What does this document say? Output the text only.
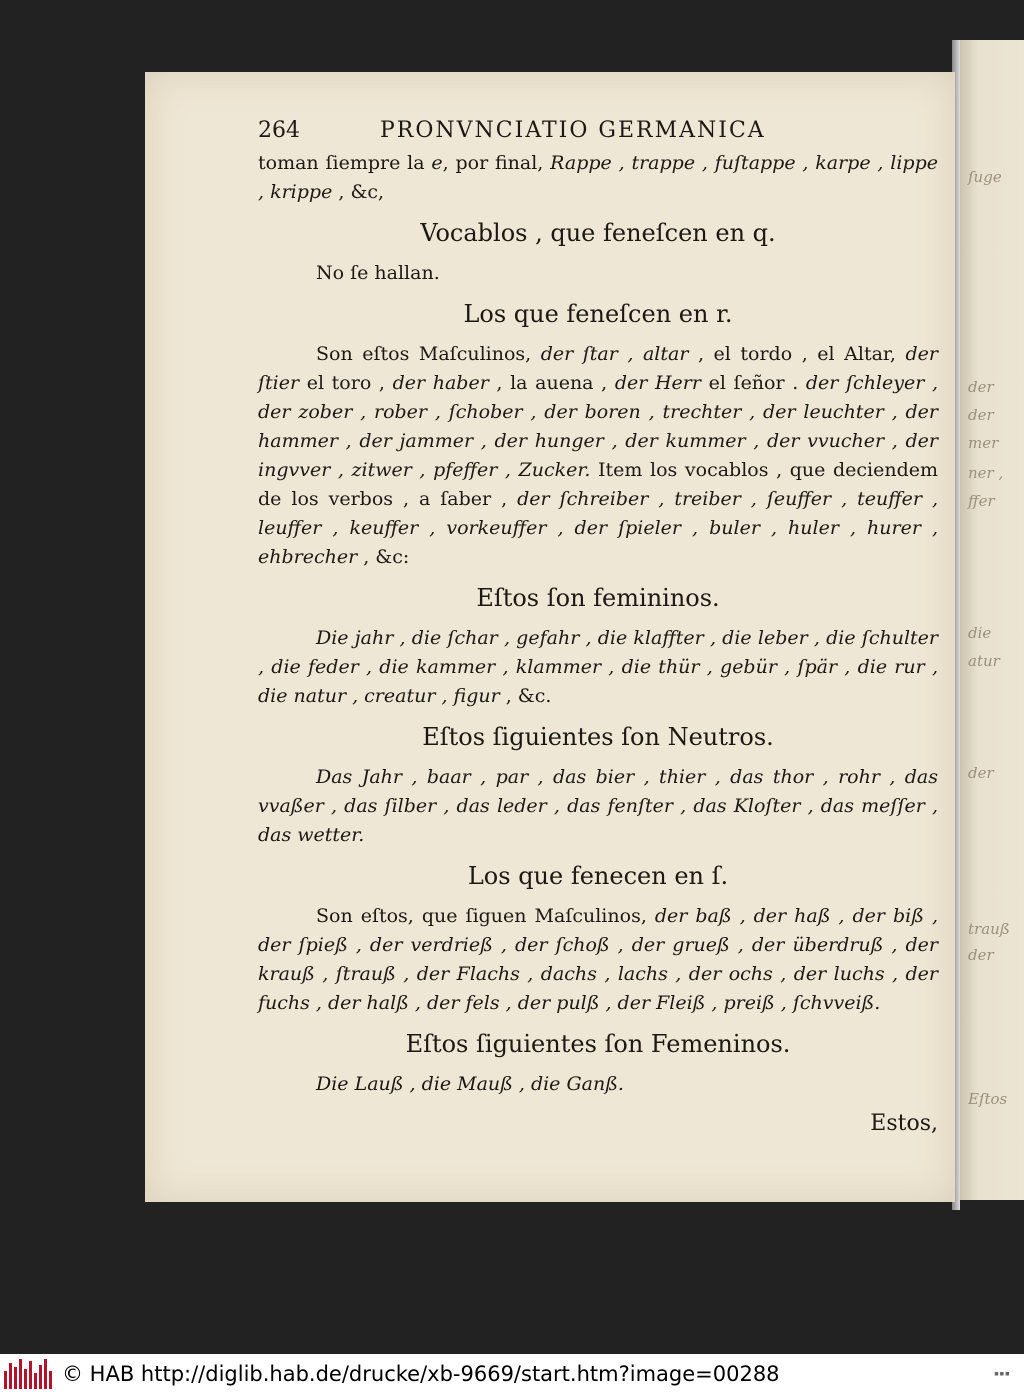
ſuge
der
der
mer
ner ,
ffer
die
atur
der
trauß
der
Eſtos
264	PRONVNCIATIO GERMANICA

toman ſiempre la e, por final, Rappe , trappe , fuſtappe , karpe , lippe , krippe , &c,

Vocablos , que feneſcen en q.

No ſe hallan.

Los que feneſcen en r.

Son eſtos Maſculinos, der ſtar , altar , el tordo , el Altar, der ſtier el toro , der haber , la auena , der Herr el ſeñor . der ſchleyer , der zober , rober , ſchober , der boren , trechter , der leuchter , der hammer , der jammer , der hunger , der kummer , der vvucher , der ingvver , zitwer , pfeffer , Zucker. Item los vocablos , que deciendem de los verbos , a ſaber , der ſchreiber , treiber , ſeuffer , teuffer , leuffer , keuffer , vorkeuffer , der ſpieler , buler , huler , hurer , ehbrecher , &c:

Eſtos ſon femininos.

Die jahr , die ſchar , gefahr , die klaffter , die leber , die ſchulter , die feder , die kammer , klammer , die thür , gebür , ſpär , die rur , die natur , creatur , figur , &c.

Eſtos ſiguientes ſon Neutros.

Das Jahr , baar , par , das bier , thier , das thor , rohr , das vvaßer , das ſilber , das leder , das fenſter , das Kloſter , das meſſer , das wetter.

Los que fenecen en ſ.

Son eſtos, que ſiguen Maſculinos, der baß , der haß , der biß , der ſpieß , der verdrieß , der ſchoß , der grueß , der überdruß , der krauß , ſtrauß , der Flachs , dachs , lachs , der ochs , der luchs , der fuchs , der halß , der fels , der pulß , der Fleiß , preiß , ſchvveiß.

Eſtos ſiguientes ſon Femeninos.

Die Lauß , die Mauß , die Ganß.

Estos,
© HAB http://diglib.hab.de/drucke/xb-9669/start.htm?image=00288	▪▪▪
